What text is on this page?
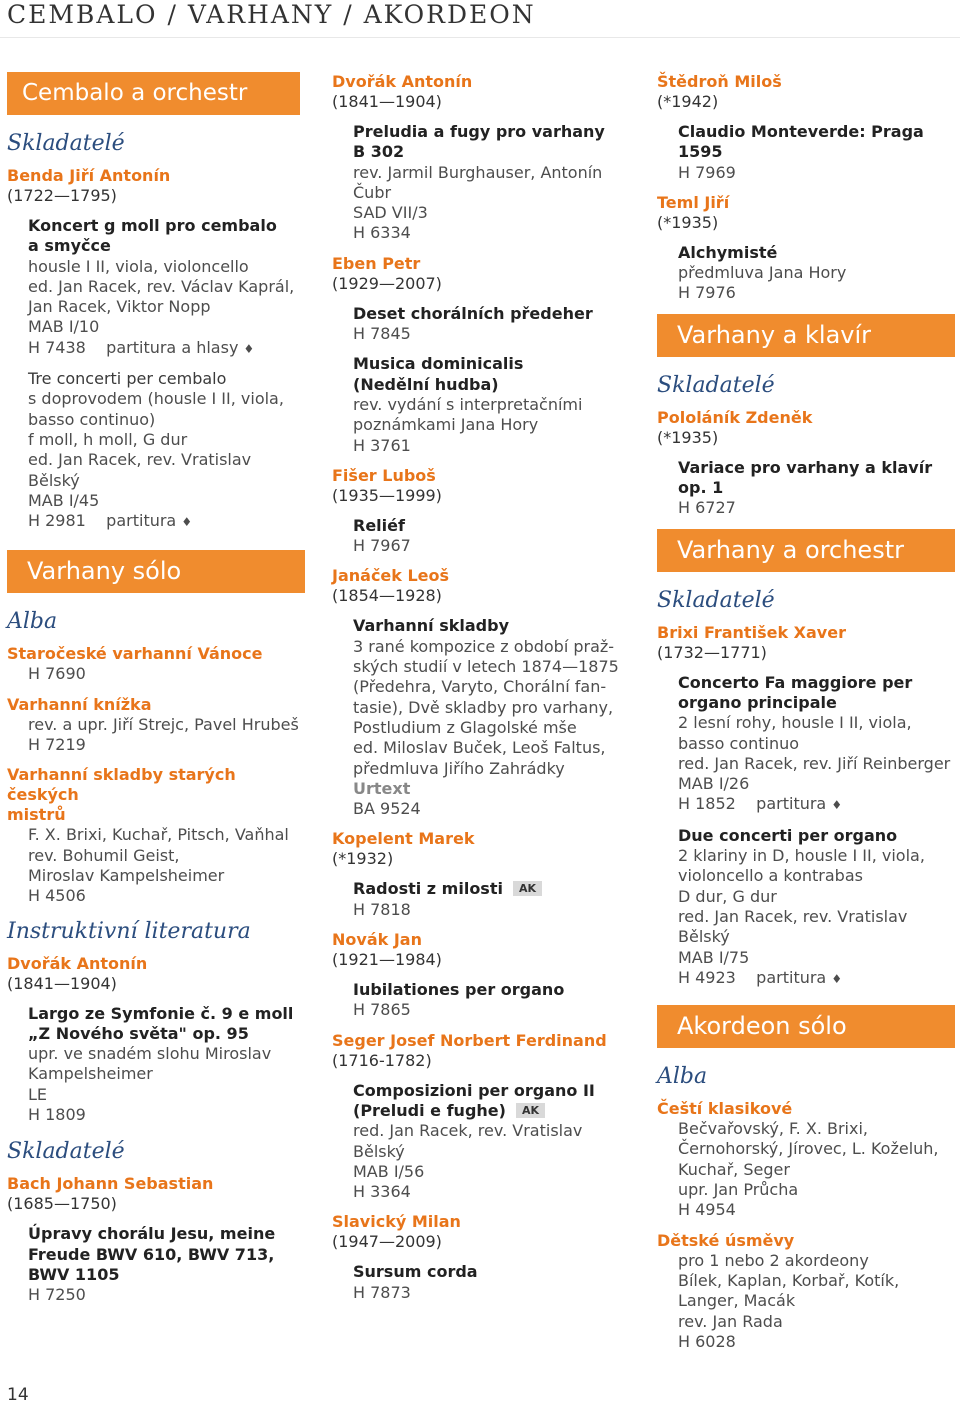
CEMBALO / VARHANY / AKORDEON
Cembalo a orchestr
Skladatelé
Benda Jiří Antonín
(1722—1795)
Koncert g moll pro cembalo
a smyčce
housle I II, viola, violoncello
ed. Jan Racek, rev. Václav Kaprál,
Jan Racek, Viktor Nopp
MAB I/10
H 7438    partitura a hlasy ♦
Tre concerti per cembalo
s doprovodem (housle I II, viola,
basso continuo)
f moll, h moll, G dur
ed. Jan Racek, rev. Vratislav Bělský
MAB I/45
H 2981    partitura ♦
Varhany sólo
Alba
Staročeské varhanní Vánoce
H 7690
Varhanní knížka
rev. a upr. Jiří Strejc, Pavel Hrubeš
H 7219
Varhanní skladby starých českých
mistrů
F. X. Brixi, Kuchař, Pitsch, Vaňhal
rev. Bohumil Geist,
Miroslav Kampelsheimer
H 4506
Instruktivní literatura
Dvořák Antonín
(1841—1904)
Largo ze Symfonie č. 9 e moll
„Z Nového světa" op. 95
upr. ve snadém slohu Miroslav
Kampelsheimer
LE
H 1809
Skladatelé
Bach Johann Sebastian
(1685—1750)
Úpravy chorálu Jesu, meine
Freude BWV 610, BWV 713,
BWV 1105
H 7250
Dvořák Antonín
(1841—1904)
Preludia a fugy pro varhany
B 302
rev. Jarmil Burghauser, Antonín
Čubr
SAD VII/3
H 6334
Eben Petr
(1929—2007)
Deset chorálních předeher
H 7845
Musica dominicalis
(Nedělní hudba)
rev. vydání s interpretačními
poznámkami Jana Hory
H 3761
Fišer Luboš
(1935—1999)
Reliéf
H 7967
Janáček Leoš
(1854—1928)
Varhanní skladby
3 rané kompozice z období praž-
ských studií v letech 1874—1875
(Předehra, Varyto, Chorální fan-
tasie), Dvě skladby pro varhany,
Postludium z Glagolské mše
ed. Miloslav Buček, Leoš Faltus,
předmluva Jiřího Zahrádky
Urtext
BA 9524
Kopelent Marek
(*1932)
Radosti z milosti AK
H 7818
Novák Jan
(1921—1984)
Iubilationes per organo
H 7865
Seger Josef Norbert Ferdinand
(1716-1782)
Composizioni per organo II
(Preludi e fughe) AK
red. Jan Racek, rev. Vratislav
Bělský
MAB I/56
H 3364
Slavický Milan
(1947—2009)
Sursum corda
H 7873
Štědroň Miloš
(*1942)
Claudio Monteverde: Praga 1595
H 7969
Teml Jiří
(*1935)
Alchymisté
předmluva Jana Hory
H 7976
Varhany a klavír
Skladatelé
Pololáník Zdeněk
(*1935)
Variace pro varhany a klavír op. 1
H 6727
Varhany a orchestr
Skladatelé
Brixi František Xaver
(1732—1771)
Concerto Fa maggiore per
organo principale
2 lesní rohy, housle I II, viola,
basso continuo
red. Jan Racek, rev. Jiří Reinberger
MAB I/26
H 1852    partitura ♦
Due concerti per organo
2 klariny in D, housle I II, viola,
violoncello a kontrabas
D dur, G dur
red. Jan Racek, rev. Vratislav
Bělský
MAB I/75
H 4923    partitura ♦
Akordeon sólo
Alba
Čeští klasikové
Bečvařovský, F. X. Brixi,
Černohorský, Jírovec, L. Koželuh,
Kuchař, Seger
upr. Jan Průcha
H 4954
Dětské úsměvy
pro 1 nebo 2 akordeony
Bílek, Kaplan, Korbař, Kotík,
Langer, Macák
rev. Jan Rada
H 6028
14
